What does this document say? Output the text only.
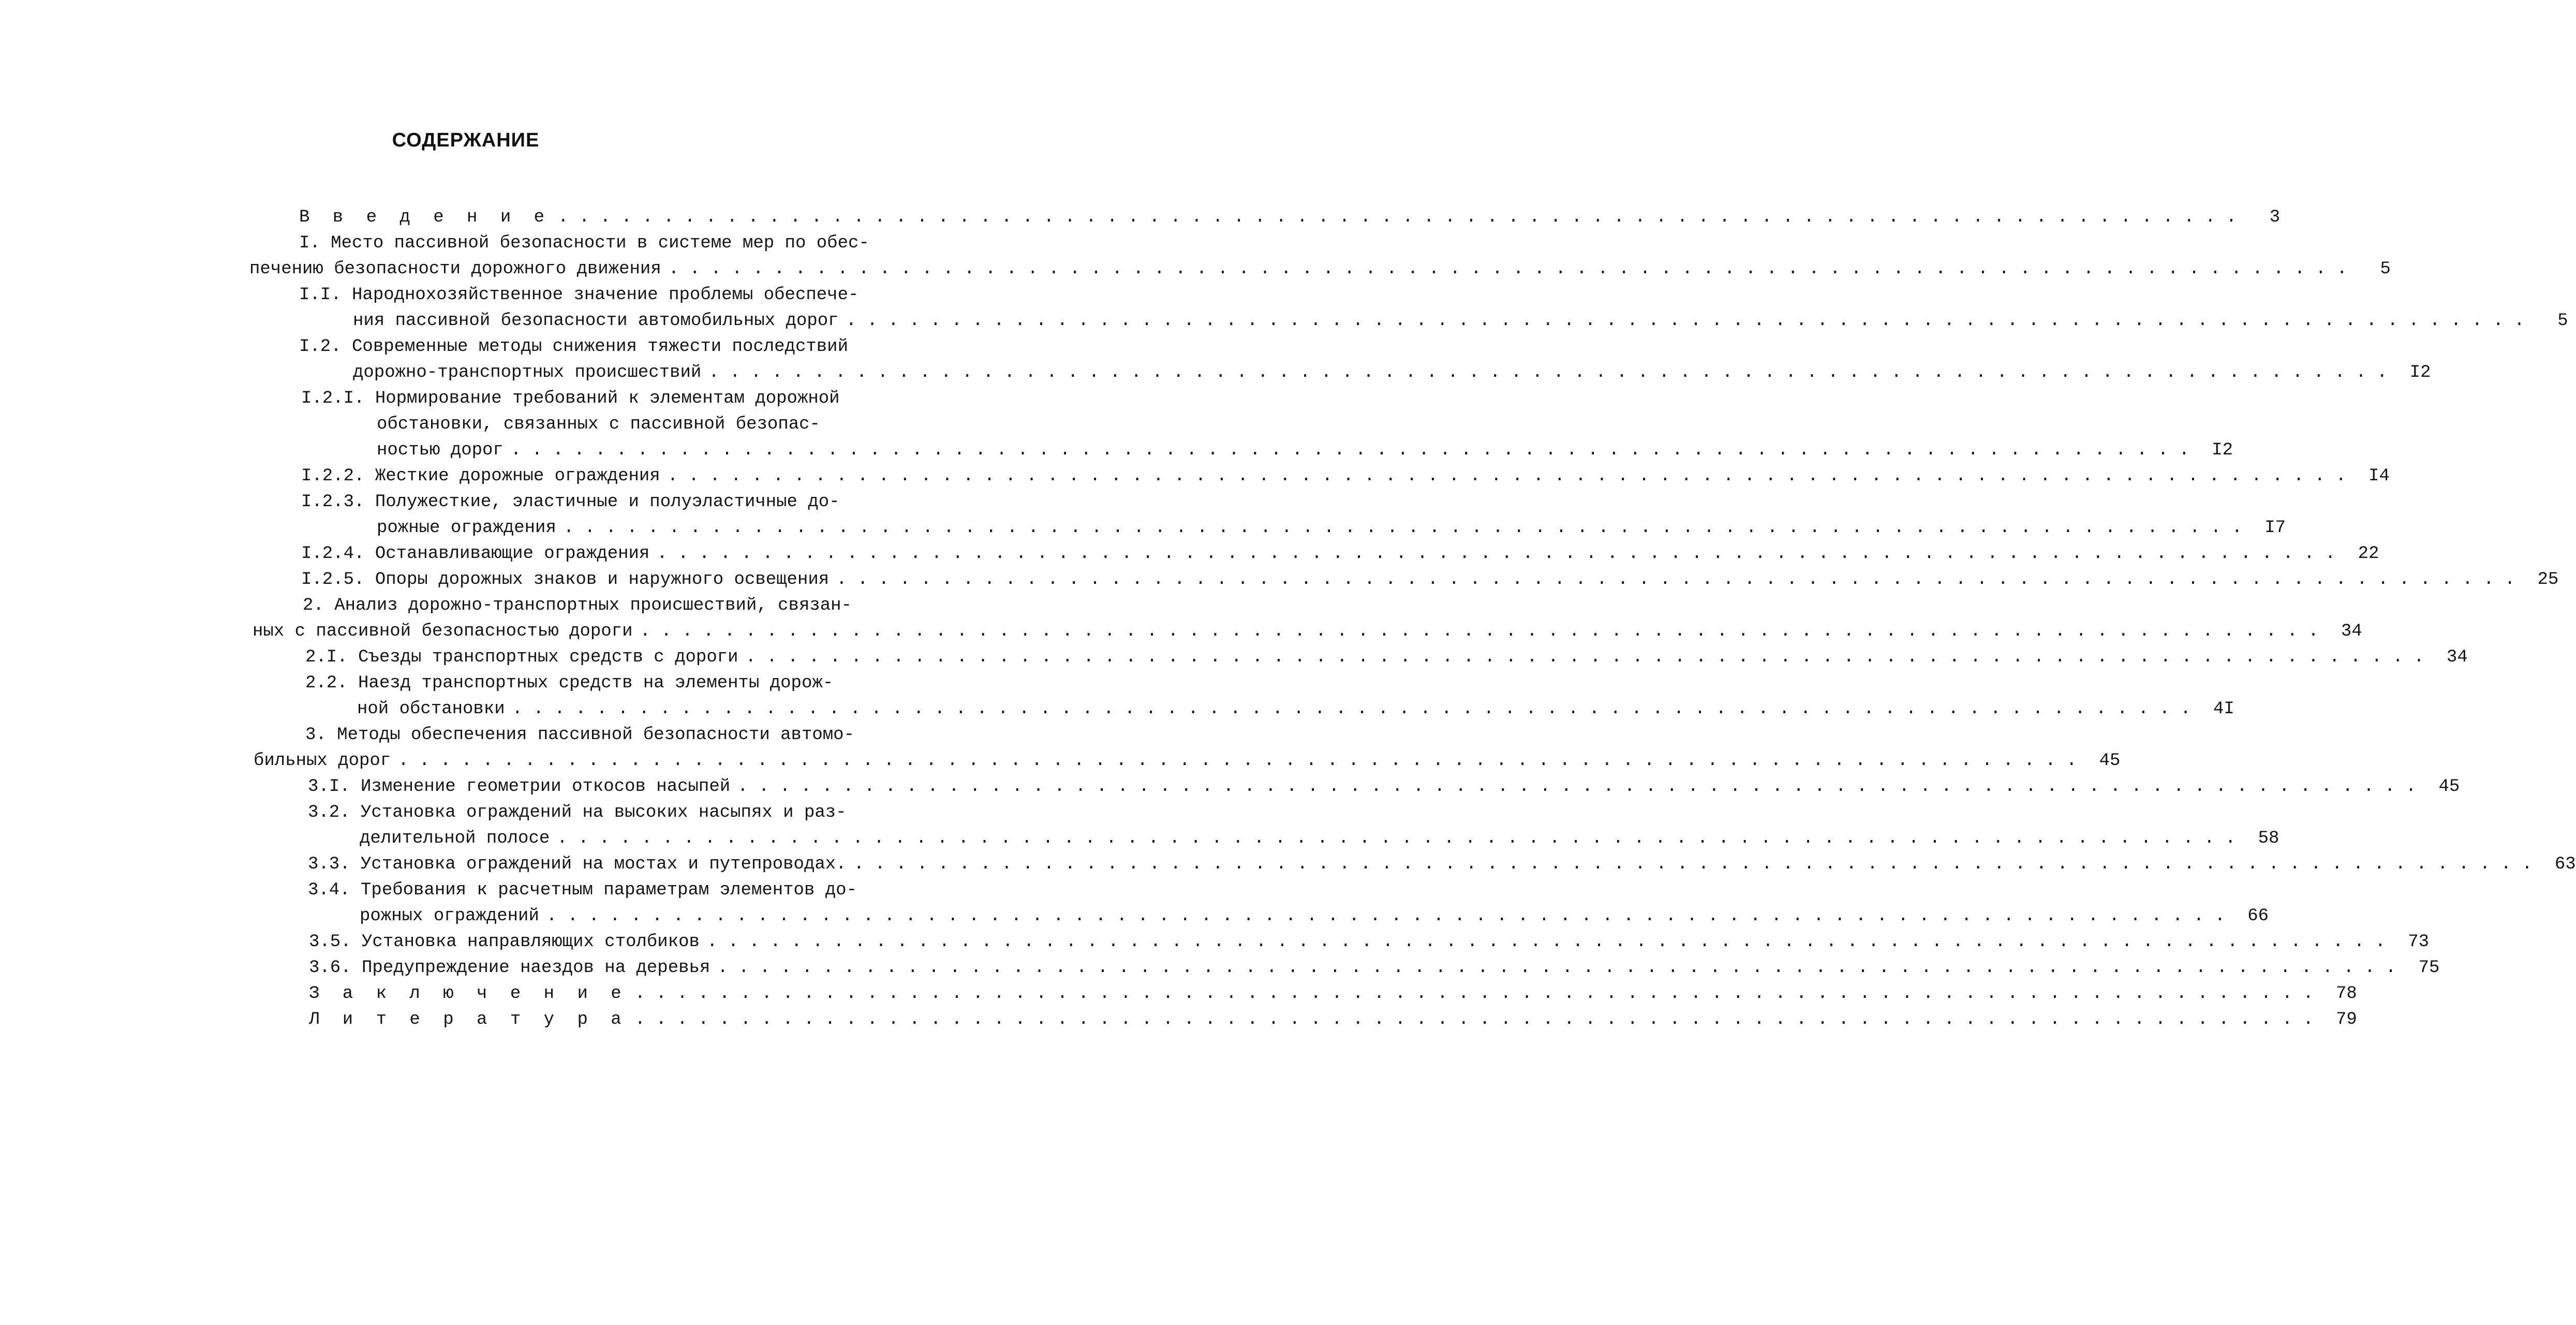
СОДЕРЖАНИЕ
В в е д е н и е . . . . . . . . . . . . . . . . . . . . . . . . . . . . . . . . . . . . . . . . . . . . . . . . . . . . . . . . . . . . . . . . . . . . . . . . . . . . . . . .	3
I. Место пассивной безопасности в системе мер по обес-
печению безопасности дорожного движения . . . . . . . . . . . . . . . . . . . . . . . . . . . . . . . . . . . . . . . . . . . . . . . . . . . . . . . . . . . . . . . . . . . . . . . . . . . . . . . .	5
I.I. Народнохозяйственное значение проблемы обеспече-
ния пассивной безопасности автомобильных дорог . . . . . . . . . . . . . . . . . . . . . . . . . . . . . . . . . . . . . . . . . . . . . . . . . . . . . . . . . . . . . . . . . . . . . . . . . . . . . . . .	5
I.2. Современные методы снижения тяжести последствий
дорожно-транспортных происшествий . . . . . . . . . . . . . . . . . . . . . . . . . . . . . . . . . . . . . . . . . . . . . . . . . . . . . . . . . . . . . . . . . . . . . . . . . . . . . . . .	I2
I.2.I. Нормирование требований к элементам дорожной
обстановки, связанных с пассивной безопас-
ностью дорог . . . . . . . . . . . . . . . . . . . . . . . . . . . . . . . . . . . . . . . . . . . . . . . . . . . . . . . . . . . . . . . . . . . . . . . . . . . . . . . .	I2
I.2.2. Жесткие дорожные ограждения . . . . . . . . . . . . . . . . . . . . . . . . . . . . . . . . . . . . . . . . . . . . . . . . . . . . . . . . . . . . . . . . . . . . . . . . . . . . . . . .	I4
I.2.3. Полужесткие, эластичные и полуэластичные до-
рожные ограждения . . . . . . . . . . . . . . . . . . . . . . . . . . . . . . . . . . . . . . . . . . . . . . . . . . . . . . . . . . . . . . . . . . . . . . . . . . . . . . . .	I7
I.2.4. Останавливающие ограждения . . . . . . . . . . . . . . . . . . . . . . . . . . . . . . . . . . . . . . . . . . . . . . . . . . . . . . . . . . . . . . . . . . . . . . . . . . . . . . . .	22
I.2.5. Опоры дорожных знаков и наружного освещения . . . . . . . . . . . . . . . . . . . . . . . . . . . . . . . . . . . . . . . . . . . . . . . . . . . . . . . . . . . . . . . . . . . . . . . . . . . . . . . .	25
2. Анализ дорожно-транспортных происшествий, связан-
ных с пассивной безопасностью дороги . . . . . . . . . . . . . . . . . . . . . . . . . . . . . . . . . . . . . . . . . . . . . . . . . . . . . . . . . . . . . . . . . . . . . . . . . . . . . . . .	34
2.I. Съезды транспортных средств с дороги . . . . . . . . . . . . . . . . . . . . . . . . . . . . . . . . . . . . . . . . . . . . . . . . . . . . . . . . . . . . . . . . . . . . . . . . . . . . . . . .	34
2.2. Наезд транспортных средств на элементы дорож-
ной обстановки . . . . . . . . . . . . . . . . . . . . . . . . . . . . . . . . . . . . . . . . . . . . . . . . . . . . . . . . . . . . . . . . . . . . . . . . . . . . . . . .	4I
3. Методы обеспечения пассивной безопасности автомо-
бильных дорог . . . . . . . . . . . . . . . . . . . . . . . . . . . . . . . . . . . . . . . . . . . . . . . . . . . . . . . . . . . . . . . . . . . . . . . . . . . . . . . .	45
3.I. Изменение геометрии откосов насыпей . . . . . . . . . . . . . . . . . . . . . . . . . . . . . . . . . . . . . . . . . . . . . . . . . . . . . . . . . . . . . . . . . . . . . . . . . . . . . . . .	45
3.2. Установка ограждений на высоких насыпях и раз-
делительной полосе . . . . . . . . . . . . . . . . . . . . . . . . . . . . . . . . . . . . . . . . . . . . . . . . . . . . . . . . . . . . . . . . . . . . . . . . . . . . . . . .	58
3.3. Установка ограждений на мостах и путепроводах. . . . . . . . . . . . . . . . . . . . . . . . . . . . . . . . . . . . . . . . . . . . . . . . . . . . . . . . . . . . . . . . . . . . . . . . . . . . . . . . .	63
3.4. Требования к расчетным параметрам элементов до-
рожных ограждений . . . . . . . . . . . . . . . . . . . . . . . . . . . . . . . . . . . . . . . . . . . . . . . . . . . . . . . . . . . . . . . . . . . . . . . . . . . . . . . .	66
3.5. Установка направляющих столбиков . . . . . . . . . . . . . . . . . . . . . . . . . . . . . . . . . . . . . . . . . . . . . . . . . . . . . . . . . . . . . . . . . . . . . . . . . . . . . . . .	73
3.6. Предупреждение наездов на деревья . . . . . . . . . . . . . . . . . . . . . . . . . . . . . . . . . . . . . . . . . . . . . . . . . . . . . . . . . . . . . . . . . . . . . . . . . . . . . . . .	75
З а к л ю ч е н и е . . . . . . . . . . . . . . . . . . . . . . . . . . . . . . . . . . . . . . . . . . . . . . . . . . . . . . . . . . . . . . . . . . . . . . . . . . . . . . . .	78
Л и т е р а т у р а . . . . . . . . . . . . . . . . . . . . . . . . . . . . . . . . . . . . . . . . . . . . . . . . . . . . . . . . . . . . . . . . . . . . . . . . . . . . . . . .	79
